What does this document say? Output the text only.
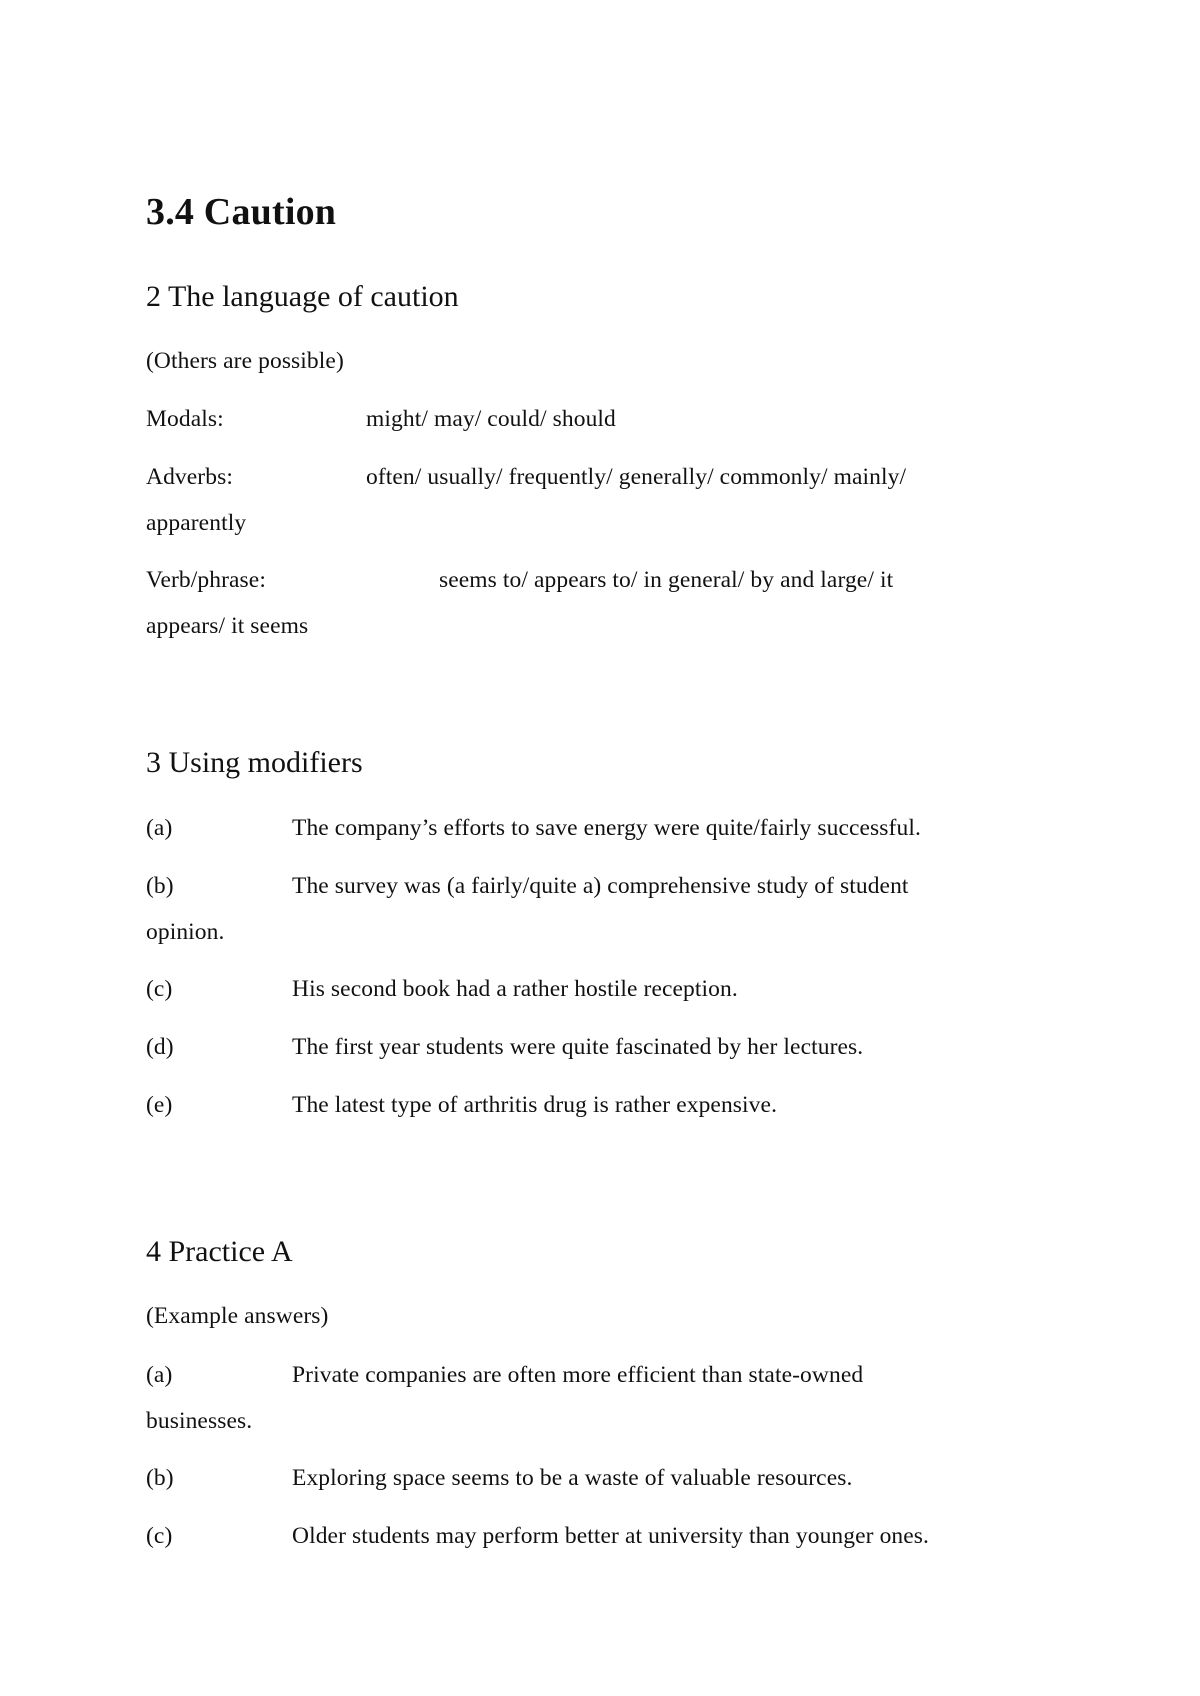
3.4 Caution
2 The language of caution
(Others are possible)
Modals:	might/ may/ could/ should
Adverbs:	often/ usually/ frequently/ generally/ commonly/ mainly/
apparently
Verb/phrase:	seems to/ appears to/ in general/ by and large/ it
appears/ it seems
3 Using modifiers
(a)	The company’s efforts to save energy were quite/fairly successful.
(b)	The survey was (a fairly/quite a) comprehensive study of student
opinion.
(c)	His second book had a rather hostile reception.
(d)	The first year students were quite fascinated by her lectures.
(e)	The latest type of arthritis drug is rather expensive.
4 Practice A
(Example answers)
(a)	Private companies are often more efficient than state-owned
businesses.
(b)	Exploring space seems to be a waste of valuable resources.
(c)	Older students may perform better at university than younger ones.
